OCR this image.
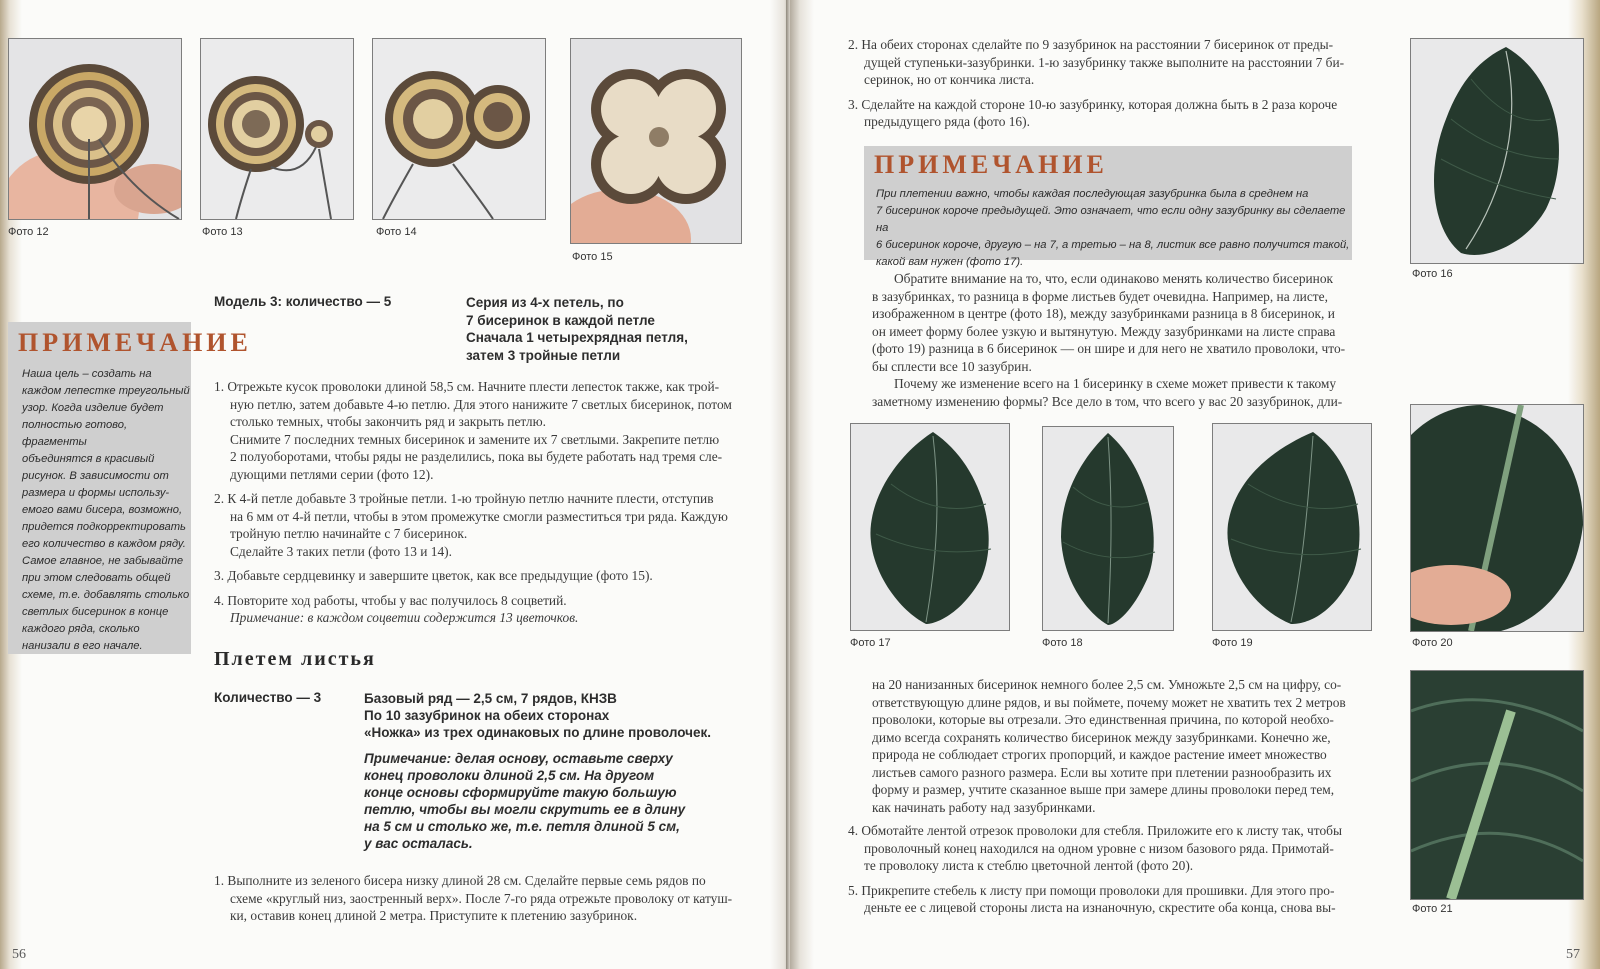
Фото 12	Фото 13	Фото 14
Фото 15
ПРИМЕЧАНИЕ
Наша цель – создать на
каждом лепестке треугольный
узор. Когда изделие будет
полностью готово, фрагменты
объединятся в красивый
рисунок. В зависимости от
размера и формы использу-
емого вами бисера, возможно,
придется подкорректировать
его количество в каждом ряду.
Самое главное, не забывайте
при этом следовать общей
схеме, т.е. добавлять столько
светлых бисеринок в конце
каждого ряда, сколько
нанизали в его начале.
Модель 3: количество — 5	Серия из 4-х петель, по
7 бисеринок в каждой петле
Сначала 1 четырехрядная петля,
затем 3 тройные петли

1. Отрежьте кусок проволоки длиной 58,5 см. Начните плести лепесток также, как трой-

ную петлю, затем добавьте 4-ю петлю. Для этого нанижите 7 светлых бисеринок, потом

столько темных, чтобы закончить ряд и закрыть петлю.

Снимите 7 последних темных бисеринок и замените их 7 светлыми. Закрепите петлю

2 полуоборотами, чтобы ряды не разделились, пока вы будете работать над тремя сле-

дующими петлями серии (фото 12).

2. К 4-й петле добавьте 3 тройные петли. 1-ю тройную петлю начните плести, отступив

на 6 мм от 4-й петли, чтобы в этом промежутке смогли разместиться три ряда. Каждую

тройную петлю начинайте с 7 бисеринок.

Сделайте 3 таких петли (фото 13 и 14).

3. Добавьте сердцевинку и завершите цветок, как все предыдущие (фото 15).

4. Повторите ход работы, чтобы у вас получилось 8 соцветий.

Примечание: в каждом соцветии содержится 13 цветочков.

Плетем листья
Количество — 3	Базовый ряд — 2,5 см, 7 рядов, КНЗВ
По 10 зазубринок на обеих сторонах
«Ножка» из трех одинаковых по длине проволочек.
Примечание: делая основу, оставьте сверху
конец проволоки длиной 2,5 см. На другом
конце основы сформируйте такую большую
петлю, чтобы вы могли скрутить ее в длину
на 5 см и столько же, т.е. петля длиной 5 см,
у вас осталась.

1. Выполните из зеленого бисера низку длиной 28 см. Сделайте первые семь рядов по

схеме «круглый низ, заостренный верх». После 7-го ряда отрежьте проволоку от катуш-

ки, оставив конец длиной 2 метра. Приступите к плетению зазубринок.

56

2. На обеих сторонах сделайте по 9 зазубринок на расстоянии 7 бисеринок от преды-

дущей ступеньки-зазубринки. 1-ю зазубринку также выполните на расстоянии 7 би-

серинок, но от кончика листа.

3. Сделайте на каждой стороне 10-ю зазубринку, которая должна быть в 2 раза короче

предыдущего ряда (фото 16).

ПРИМЕЧАНИЕ
При плетении важно, чтобы каждая последующая зазубринка была в среднем на
7 бисеринок короче предыдущей. Это означает, что если одну зазубринку вы сделаете на
6 бисеринок короче, другую – на 7, а третью – на 8, листик все равно получится такой,
какой вам нужен (фото 17).

Обратите внимание на то, что, если одинаково менять количество бисеринок

в зазубринках, то разница в форме листьев будет очевидна. Например, на листе,

изображенном в центре (фото 18), между зазубринками разница в 8 бисеринок, и

он имеет форму более узкую и вытянутую. Между зазубринками на листе справа

(фото 19) разница в 6 бисеринок — он шире и для него не хватило проволоки, что-

бы сплести все 10 зазубрин.

Почему же изменение всего на 1 бисеринку в схеме может привести к такому

заметному изменению формы? Все дело в том, что всего у вас 20 зазубринок, дли-

Фото 16
Фото 17	Фото 18	Фото 19	Фото 20
Фото 21

на 20 нанизанных бисеринок немного более 2,5 см. Умножьте 2,5 см на цифру, со-

ответствующую длине рядов, и вы поймете, почему может не хватить тех 2 метров

проволоки, которые вы отрезали. Это единственная причина, по которой необхо-

димо всегда сохранять количество бисеринок между зазубринками. Конечно же,

природа не соблюдает строгих пропорций, и каждое растение имеет множество

листьев самого разного размера. Если вы хотите при плетении разнообразить их

форму и размер, учтите сказанное выше при замере длины проволоки перед тем,

как начинать работу над зазубринками.

4. Обмотайте лентой отрезок проволоки для стебля. Приложите его к листу так, чтобы

проволочный конец находился на одном уровне с низом базового ряда. Примотай-

те проволоку листа к стеблю цветочной лентой (фото 20).

5. Прикрепите стебель к листу при помощи проволоки для прошивки. Для этого про-

деньте ее с лицевой стороны листа на изнаночную, скрестите оба конца, снова вы-

57
